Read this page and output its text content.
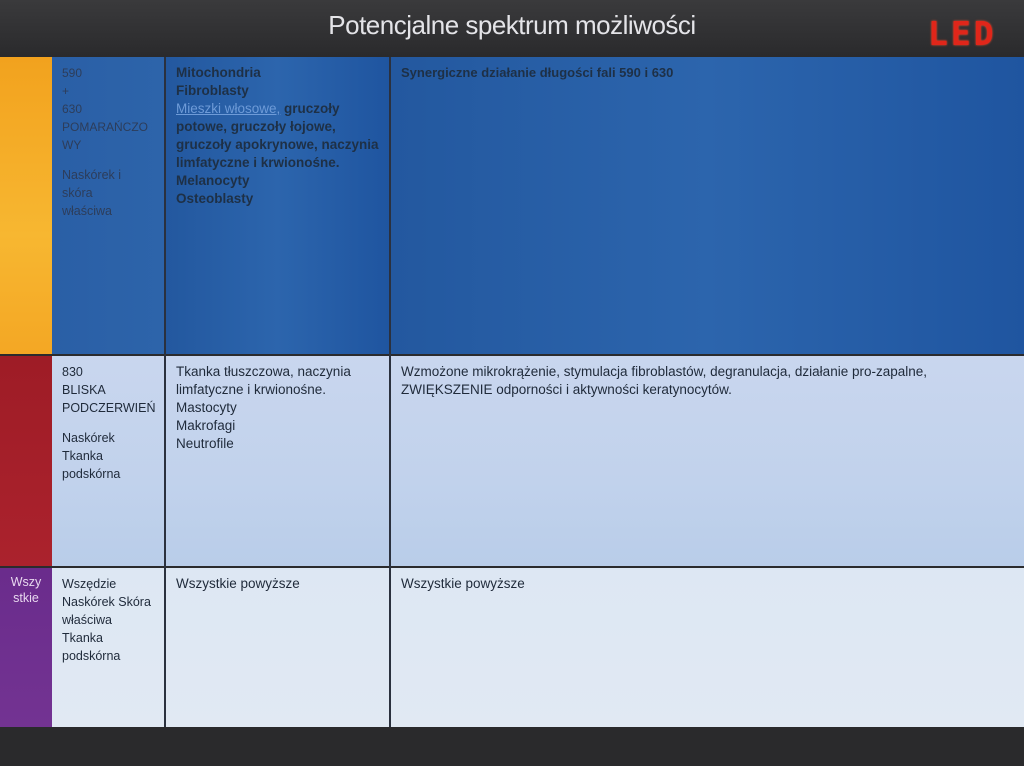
Potencjalne spektrum możliwości	LED
590
+
630
POMARAŃCZO
WY
Naskórek i
skóra
właściwa
Mitochondria
Fibroblasty
Mieszki włosowe, gruczoły potowe, gruczoły łojowe, gruczoły apokrynowe, naczynia limfatyczne i krwionośne.
Melanocyty
Osteoblasty
Synergiczne działanie długości fali 590 i 630
830
BLISKA
PODCZERWIEŃ
Naskórek
Tkanka
podskórna
Tkanka tłuszczowa, naczynia limfatyczne i krwionośne.
Mastocyty
Makrofagi
Neutrofile
Wzmożone mikrokrążenie, stymulacja fibroblastów, degranulacja, działanie pro-zapalne, ZWIĘKSZENIE odporności i aktywności keratynocytów.
Wszy
stkie
Wszędzie
Naskórek Skóra
właściwa
Tkanka
podskórna
Wszystkie powyższe	Wszystkie powyższe
